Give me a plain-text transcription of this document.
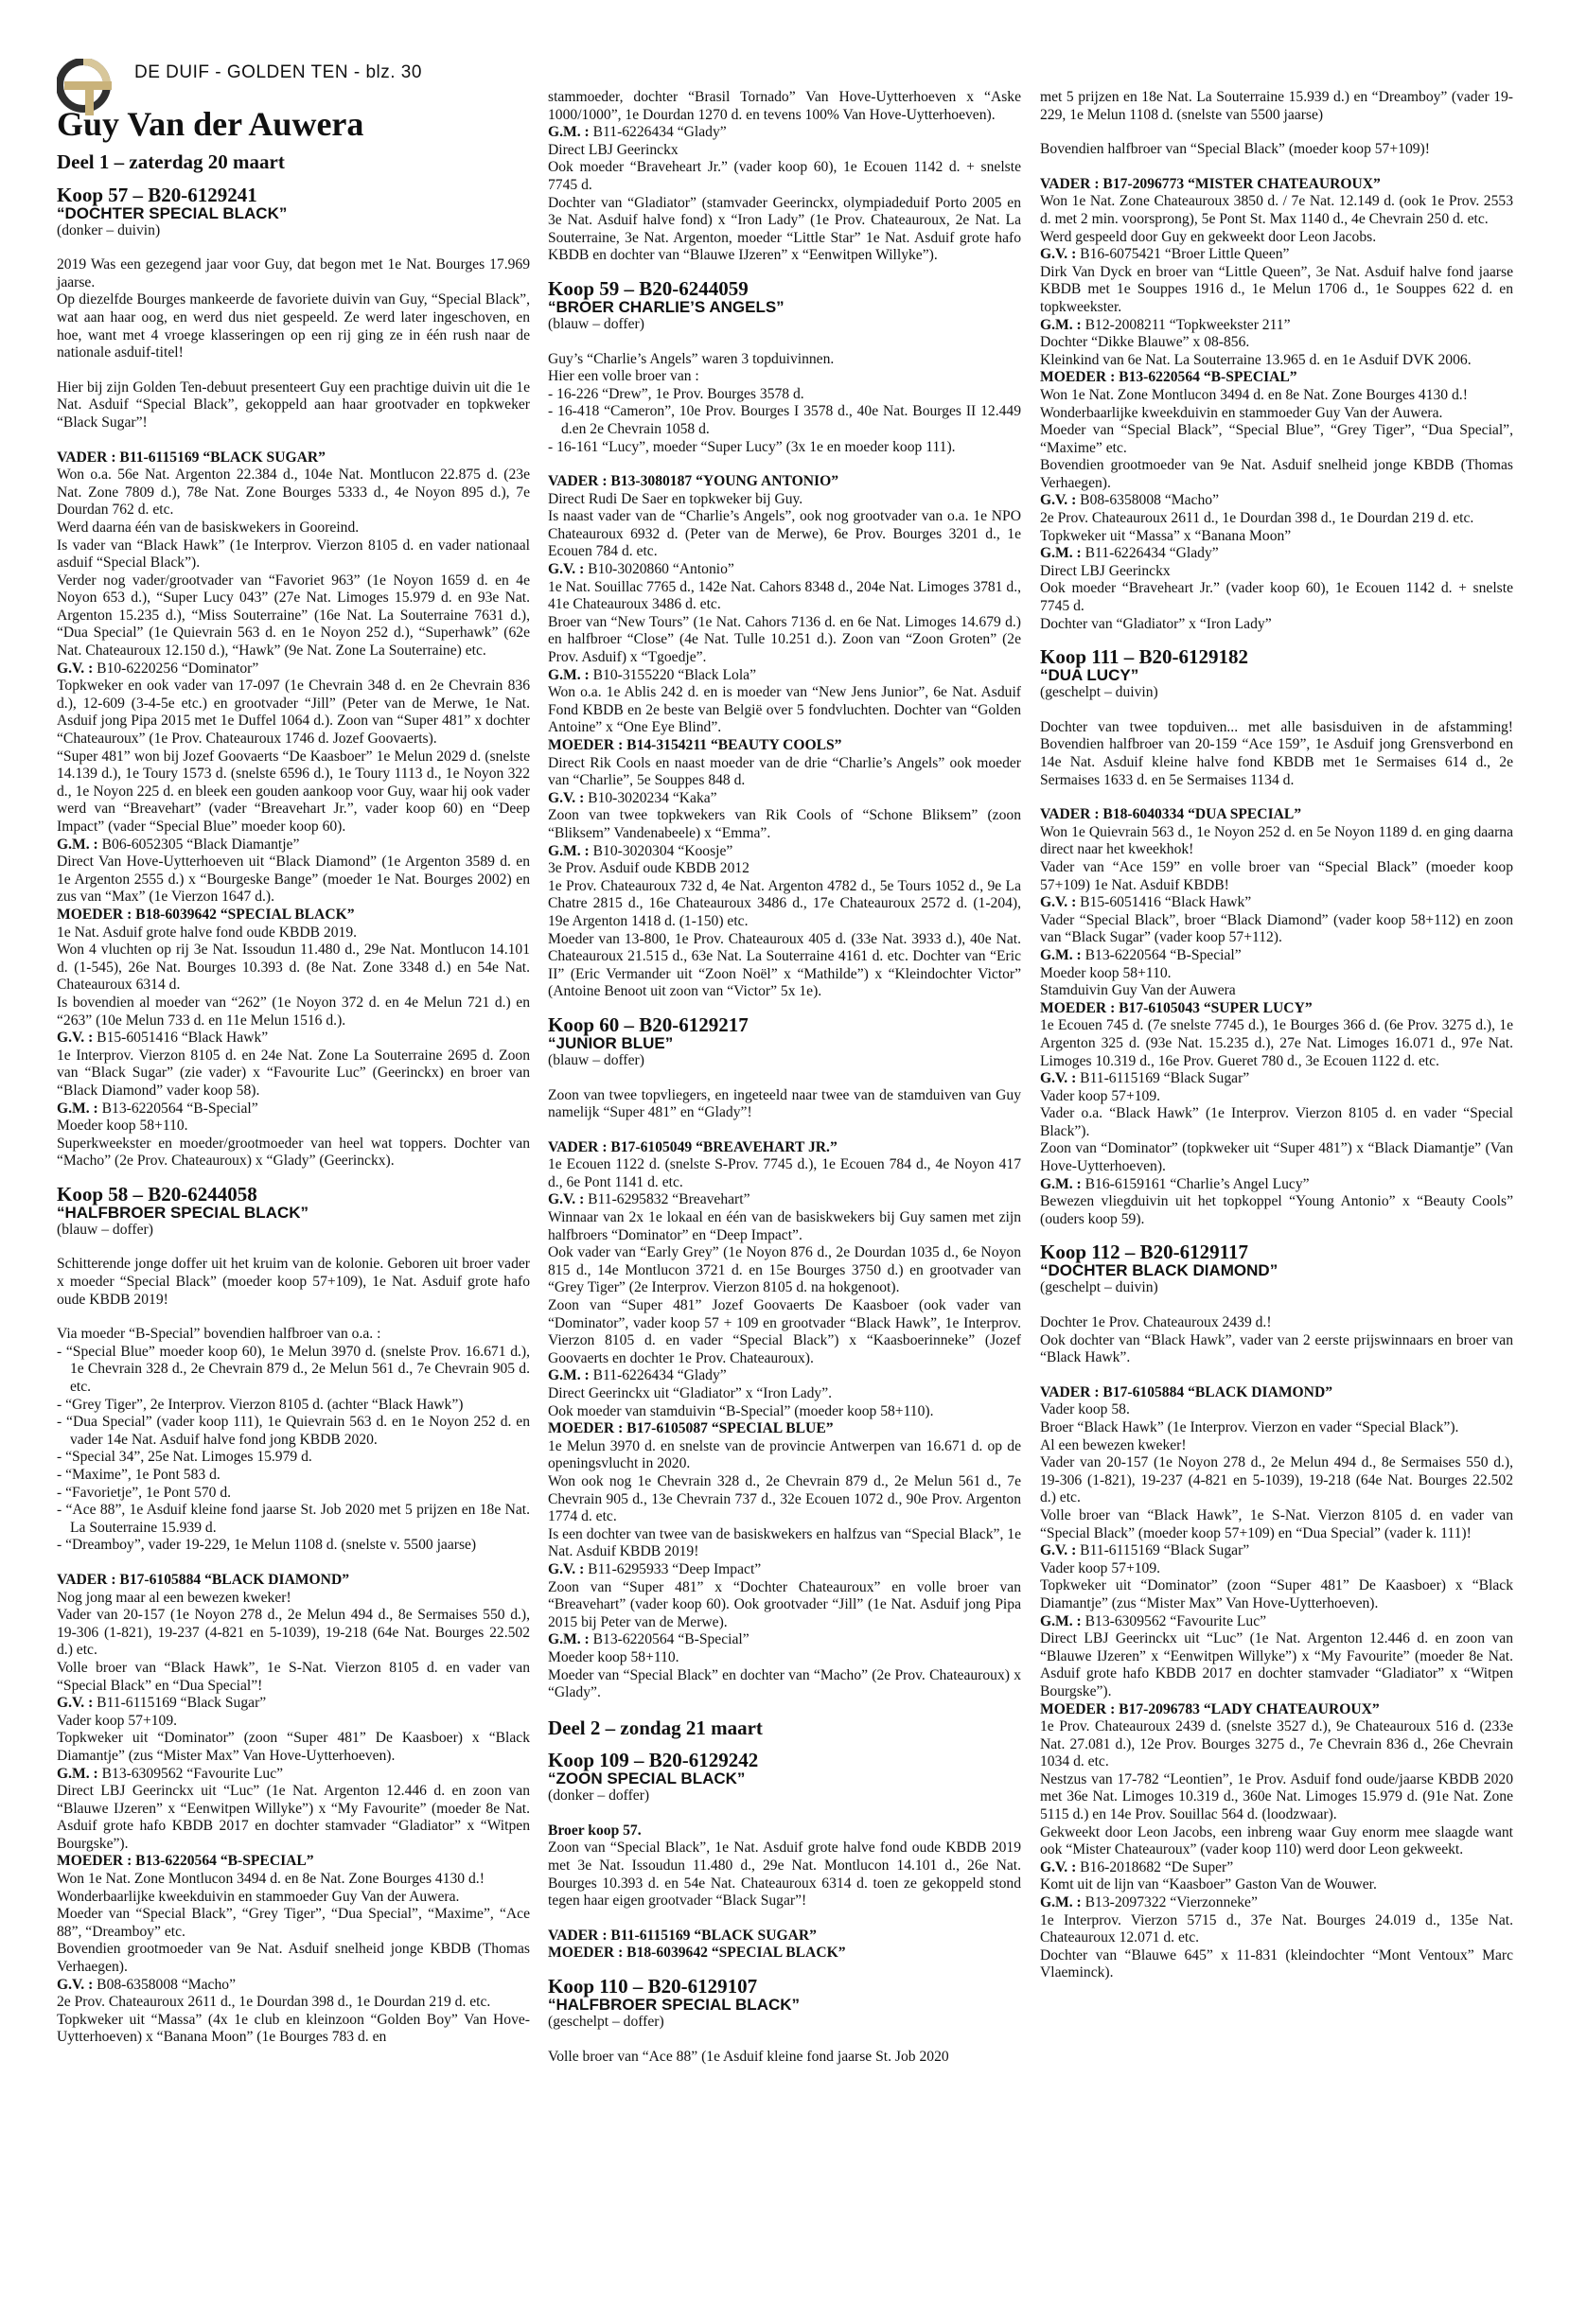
DE DUIF - GOLDEN TEN - blz. 30
Guy Van der Auwera

Deel 1 – zaterdag 20 maart

Koop 57 – B20-6129241

“DOCHTER SPECIAL BLACK”

(donker – duivin)

2019 Was een gezegend jaar voor Guy, dat begon met 1e Nat. Bourges 17.969 jaarse.

Op diezelfde Bourges mankeerde de favoriete duivin van Guy, “Special Black”, wat aan haar oog, en werd dus niet gespeeld. Ze werd later ingeschoven, en hoe, want met 4 vroege klasseringen op een rij ging ze in één rush naar de nationale asduif-titel!

Hier bij zijn Golden Ten-debuut presenteert Guy een prachtige duivin uit die 1e Nat. Asduif “Special Black”, gekoppeld aan haar grootvader en topkweker “Black Sugar”!

VADER : B11-6115169 “BLACK SUGAR”

Won o.a. 56e Nat. Argenton 22.384 d., 104e Nat. Montlucon 22.875 d. (23e Nat. Zone 7809 d.), 78e Nat. Zone Bourges 5333 d., 4e Noyon 895 d.), 7e Dourdan 762 d. etc.

Werd daarna één van de basiskwekers in Gooreind.

Is vader van “Black Hawk” (1e Interprov. Vierzon 8105 d. en vader nationaal asduif “Special Black”).

Verder nog vader/grootvader van “Favoriet 963” (1e Noyon 1659 d. en 4e Noyon 653 d.), “Super Lucy 043” (27e Nat. Limoges 15.979 d. en 93e Nat. Argenton 15.235 d.), “Miss Souterraine” (16e Nat. La Souterraine 7631 d.), “Dua Special” (1e Quievrain 563 d. en 1e Noyon 252 d.), “Superhawk” (62e Nat. Chateauroux 12.150 d.), “Hawk” (9e Nat. Zone La Souterraine) etc.

G.V. : B10-6220256 “Dominator”

Topkweker en ook vader van 17-097 (1e Chevrain 348 d. en 2e Chevrain 836 d.), 12-609 (3-4-5e etc.) en grootvader “Jill” (Peter van de Merwe, 1e Nat. Asduif jong Pipa 2015 met 1e Duffel 1064 d.). Zoon van “Super 481” x dochter “Chateauroux” (1e Prov. Chateauroux 1746 d. Jozef Goovaerts).

“Super 481” won bij Jozef Goovaerts “De Kaasboer” 1e Melun 2029 d. (snelste 14.139 d.), 1e Toury 1573 d. (snelste 6596 d.), 1e Toury 1113 d., 1e Noyon 322 d., 1e Noyon 225 d. en bleek een gouden aankoop voor Guy, waar hij ook vader werd van “Breavehart” (vader “Breavehart Jr.”, vader koop 60) en “Deep Impact” (vader “Special Blue” moeder koop 60).

G.M. : B06-6052305 “Black Diamantje”

Direct Van Hove-Uytterhoeven uit “Black Diamond” (1e Argenton 3589 d. en 1e Argenton 2555 d.) x “Bourgeske Bange” (moeder 1e Nat. Bourges 2002) en zus van “Max” (1e Vierzon 1647 d.).

MOEDER : B18-6039642 “SPECIAL BLACK”

1e Nat. Asduif grote halve fond oude KBDB 2019.

Won 4 vluchten op rij 3e Nat. Issoudun 11.480 d., 29e Nat. Montlucon 14.101 d. (1-545), 26e Nat. Bourges 10.393 d. (8e Nat. Zone 3348 d.) en 54e Nat. Chateauroux 6314 d.

Is bovendien al moeder van “262” (1e Noyon 372 d. en 4e Melun 721 d.) en “263” (10e Melun 733 d. en 11e Melun 1516 d.).

G.V. : B15-6051416 “Black Hawk”

1e Interprov. Vierzon 8105 d. en 24e Nat. Zone La Souterraine 2695 d. Zoon van “Black Sugar” (zie vader) x “Favourite Luc” (Geerinckx) en broer van “Black Diamond” vader koop 58).

G.M. : B13-6220564 “B-Special”

Moeder koop 58+110.

Superkweekster en moeder/grootmoeder van heel wat toppers. Dochter van “Macho” (2e Prov. Chateauroux) x “Glady” (Geerinckx).

Koop 58 – B20-6244058

“HALFBROER SPECIAL BLACK”

(blauw – doffer)

Schitterende jonge doffer uit het kruim van de kolonie. Geboren uit broer vader x moeder “Special Black” (moeder koop 57+109), 1e Nat. Asduif grote hafo oude KBDB 2019!

Via moeder “B-Special” bovendien halfbroer van o.a. :

- “Special Blue” moeder koop 60), 1e Melun 3970 d. (snelste Prov. 16.671 d.), 1e Chevrain 328 d., 2e Chevrain 879 d., 2e Melun 561 d., 7e Chevrain 905 d. etc.

- “Grey Tiger”, 2e Interprov. Vierzon 8105 d. (achter “Black Hawk”)

- “Dua Special” (vader koop 111), 1e Quievrain 563 d. en 1e Noyon 252 d. en vader 14e Nat. Asduif halve fond jong KBDB 2020.

- “Special 34”, 25e Nat. Limoges 15.979 d.

- “Maxime”, 1e Pont 583 d.

- “Favorietje”, 1e Pont 570 d.

- “Ace 88”, 1e Asduif kleine fond jaarse St. Job 2020 met 5 prijzen en 18e Nat. La Souterraine 15.939 d.

- “Dreamboy”, vader 19-229, 1e Melun 1108 d. (snelste v. 5500 jaarse)

VADER : B17-6105884 “BLACK DIAMOND”

Nog jong maar al een bewezen kweker!

Vader van 20-157 (1e Noyon 278 d., 2e Melun 494 d., 8e Sermaises 550 d.), 19-306 (1-821), 19-237 (4-821 en 5-1039), 19-218 (64e Nat. Bourges 22.502 d.) etc.

Volle broer van “Black Hawk”, 1e S-Nat. Vierzon 8105 d. en vader van “Special Black” en “Dua Special”!

G.V. : B11-6115169 “Black Sugar”

Vader koop 57+109.

Topkweker uit “Dominator” (zoon “Super 481” De Kaasboer) x “Black Diamantje” (zus “Mister Max” Van Hove-Uytterhoeven).

G.M. : B13-6309562 “Favourite Luc”

Direct LBJ Geerinckx uit “Luc” (1e Nat. Argenton 12.446 d. en zoon van “Blauwe IJzeren” x “Eenwitpen Willyke”) x “My Favourite” (moeder 8e Nat. Asduif grote hafo KBDB 2017 en dochter stamvader “Gladiator” x “Witpen Bourgske”).

MOEDER : B13-6220564 “B-SPECIAL”

Won 1e Nat. Zone Montlucon 3494 d. en 8e Nat. Zone Bourges 4130 d.!

Wonderbaarlijke kweekduivin en stammoeder Guy Van der Auwera.

Moeder van “Special Black”, “Grey Tiger”, “Dua Special”, “Maxime”, “Ace 88”, “Dreamboy” etc.

Bovendien grootmoeder van 9e Nat. Asduif snelheid jonge KBDB (Thomas Verhaegen).

G.V. : B08-6358008 “Macho”

2e Prov. Chateauroux 2611 d., 1e Dourdan 398 d., 1e Dourdan 219 d. etc.

Topkweker uit “Massa” (4x 1e club en kleinzoon “Golden Boy” Van Hove-Uytterhoeven) x “Banana Moon” (1e Bourges 783 d. en

stammoeder, dochter “Brasil Tornado” Van Hove-Uytterhoeven x “Aske 1000/1000”, 1e Dourdan 1270 d. en tevens 100% Van Hove-Uytterhoeven).

G.M. : B11-6226434 “Glady”

Direct LBJ Geerinckx

Ook moeder “Braveheart Jr.” (vader koop 60), 1e Ecouen 1142 d. + snelste 7745 d.

Dochter van “Gladiator” (stamvader Geerinckx, olympiadeduif Porto 2005 en 3e Nat. Asduif halve fond) x “Iron Lady” (1e Prov. Chateauroux, 2e Nat. La Souterraine, 3e Nat. Argenton, moeder “Little Star” 1e Nat. Asduif grote hafo KBDB en dochter van “Blauwe IJzeren” x “Eenwitpen Willyke”).

Koop 59 – B20-6244059

“BROER CHARLIE’S ANGELS”

(blauw – doffer)

Guy’s “Charlie’s Angels” waren 3 topduivinnen.

Hier een volle broer van :

- 16-226 “Drew”, 1e Prov. Bourges 3578 d.

- 16-418 “Cameron”, 10e Prov. Bourges I 3578 d., 40e Nat. Bourges II 12.449 d.en 2e Chevrain 1058 d.

- 16-161 “Lucy”, moeder “Super Lucy” (3x 1e en moeder koop 111).

VADER : B13-3080187 “YOUNG ANTONIO”

Direct Rudi De Saer en topkweker bij Guy.

Is naast vader van de “Charlie’s Angels”, ook nog grootvader van o.a. 1e NPO Chateauroux 6932 d. (Peter van de Merwe), 6e Prov. Bourges 3201 d., 1e Ecouen 784 d. etc.

G.V. : B10-3020860 “Antonio”

1e Nat. Souillac 7765 d., 142e Nat. Cahors 8348 d., 204e Nat. Limoges 3781 d., 41e Chateauroux 3486 d. etc.

Broer van “New Tours” (1e Nat. Cahors 7136 d. en 6e Nat. Limoges 14.679 d.) en halfbroer “Close” (4e Nat. Tulle 10.251 d.). Zoon van “Zoon Groten” (2e Prov. Asduif) x “Tgoedje”.

G.M. : B10-3155220 “Black Lola”

Won o.a. 1e Ablis 242 d. en is moeder van “New Jens Junior”, 6e Nat. Asduif Fond KBDB en 2e beste van België over 5 fondvluchten. Dochter van “Golden Antoine” x “One Eye Blind”.

MOEDER : B14-3154211 “BEAUTY COOLS”

Direct Rik Cools en naast moeder van de drie “Charlie’s Angels” ook moeder van “Charlie”, 5e Souppes 848 d.

G.V. : B10-3020234 “Kaka”

Zoon van twee topkwekers van Rik Cools of “Schone Bliksem” (zoon “Bliksem” Vandenabeele) x “Emma”.

G.M. : B10-3020304 “Koosje”

3e Prov. Asduif oude KBDB 2012

1e Prov. Chateauroux 732 d, 4e Nat. Argenton 4782 d., 5e Tours 1052 d., 9e La Chatre 2815 d., 16e Chateauroux 3486 d., 17e Chateauroux 2572 d. (1-204), 19e Argenton 1418 d. (1-150) etc.

Moeder van 13-800, 1e Prov. Chateauroux 405 d. (33e Nat. 3933 d.), 40e Nat. Chateauroux 21.515 d., 63e Nat. La Souterraine 4161 d. etc. Dochter van “Eric II” (Eric Vermander uit “Zoon Noël” x “Mathilde”) x “Kleindochter Victor” (Antoine Benoot uit zoon van “Victor” 5x 1e).

Koop 60 – B20-6129217

“JUNIOR BLUE”

(blauw – doffer)

Zoon van twee topvliegers, en ingeteeld naar twee van de stamduiven van Guy namelijk “Super 481” en “Glady”!

VADER : B17-6105049 “BREAVEHART JR.”

1e Ecouen 1122 d. (snelste S-Prov. 7745 d.), 1e Ecouen 784 d., 4e Noyon 417 d., 6e Pont 1141 d. etc.

G.V. : B11-6295832 “Breavehart”

Winnaar van 2x 1e lokaal en één van de basiskwekers bij Guy samen met zijn halfbroers “Dominator” en “Deep Impact”.

Ook vader van “Early Grey” (1e Noyon 876 d., 2e Dourdan 1035 d., 6e Noyon 815 d., 14e Montlucon 3721 d. en 15e Bourges 3750 d.) en grootvader van “Grey Tiger” (2e Interprov. Vierzon 8105 d. na hokgenoot).

Zoon van “Super 481” Jozef Goovaerts De Kaasboer (ook vader van “Dominator”, vader koop 57 + 109 en grootvader “Black Hawk”, 1e Interprov. Vierzon 8105 d. en vader “Special Black”) x “Kaasboerinneke” (Jozef Goovaerts en dochter 1e Prov. Chateauroux).

G.M. : B11-6226434 “Glady”

Direct Geerinckx uit “Gladiator” x “Iron Lady”.

Ook moeder van stamduivin “B-Special” (moeder koop 58+110).

MOEDER : B17-6105087 “SPECIAL BLUE”

1e Melun 3970 d. en snelste van de provincie Antwerpen van 16.671 d. op de openingsvlucht in 2020.

Won ook nog 1e Chevrain 328 d., 2e Chevrain 879 d., 2e Melun 561 d., 7e Chevrain 905 d., 13e Chevrain 737 d., 32e Ecouen 1072 d., 90e Prov. Argenton 1774 d. etc.

Is een dochter van twee van de basiskwekers en halfzus van “Special Black”, 1e Nat. Asduif KBDB 2019!

G.V. : B11-6295933 “Deep Impact”

Zoon van “Super 481” x “Dochter Chateauroux” en volle broer van “Breavehart” (vader koop 60). Ook grootvader “Jill” (1e Nat. Asduif jong Pipa 2015 bij Peter van de Merwe).

G.M. : B13-6220564 “B-Special”

Moeder koop 58+110.

Moeder van “Special Black” en dochter van “Macho” (2e Prov. Chateauroux) x “Glady”.

Deel 2 – zondag 21 maart

Koop 109 – B20-6129242

“ZOON SPECIAL BLACK”

(donker – doffer)

Broer koop 57.

Zoon van “Special Black”, 1e Nat. Asduif grote halve fond oude KBDB 2019 met 3e Nat. Issoudun 11.480 d., 29e Nat. Montlucon 14.101 d., 26e Nat. Bourges 10.393 d. en 54e Nat. Chateauroux 6314 d. toen ze gekoppeld stond tegen haar eigen grootvader “Black Sugar”!

VADER : B11-6115169 “BLACK SUGAR”

MOEDER : B18-6039642 “SPECIAL BLACK”

Koop 110 – B20-6129107

“HALFBROER SPECIAL BLACK”

(geschelpt – doffer)

Volle broer van “Ace 88” (1e Asduif kleine fond jaarse St. Job 2020

met 5 prijzen en 18e Nat. La Souterraine 15.939 d.) en “Dreamboy” (vader 19-229, 1e Melun 1108 d. (snelste van 5500 jaarse)

Bovendien halfbroer van “Special Black” (moeder koop 57+109)!

VADER : B17-2096773 “MISTER CHATEAUROUX”

Won 1e Nat. Zone Chateauroux 3850 d. / 7e Nat. 12.149 d. (ook 1e Prov. 2553 d. met 2 min. voorsprong), 5e Pont St. Max 1140 d., 4e Chevrain 250 d. etc.

Werd gespeeld door Guy en gekweekt door Leon Jacobs.

G.V. : B16-6075421 “Broer Little Queen”

Dirk Van Dyck en broer van “Little Queen”, 3e Nat. Asduif halve fond jaarse KBDB met 1e Souppes 1916 d., 1e Melun 1706 d., 1e Souppes 622 d. en topkweekster.

G.M. : B12-2008211 “Topkweekster 211”

Dochter “Dikke Blauwe” x 08-856.

Kleinkind van 6e Nat. La Souterraine 13.965 d. en 1e Asduif DVK 2006.

MOEDER : B13-6220564 “B-SPECIAL”

Won 1e Nat. Zone Montlucon 3494 d. en 8e Nat. Zone Bourges 4130 d.!

Wonderbaarlijke kweekduivin en stammoeder Guy Van der Auwera.

Moeder van “Special Black”, “Special Blue”, “Grey Tiger”, “Dua Special”, “Maxime” etc.

Bovendien grootmoeder van 9e Nat. Asduif snelheid jonge KBDB (Thomas Verhaegen).

G.V. : B08-6358008 “Macho”

2e Prov. Chateauroux 2611 d., 1e Dourdan 398 d., 1e Dourdan 219 d. etc.

Topkweker uit “Massa” x “Banana Moon”

G.M. : B11-6226434 “Glady”

Direct LBJ Geerinckx

Ook moeder “Braveheart Jr.” (vader koop 60), 1e Ecouen 1142 d. + snelste 7745 d.

Dochter van “Gladiator” x “Iron Lady”

Koop 111 – B20-6129182

“DUA LUCY”

(geschelpt – duivin)

Dochter van twee topduiven... met alle basisduiven in de afstamming! Bovendien halfbroer van 20-159 “Ace 159”, 1e Asduif jong Grensverbond en 14e Nat. Asduif kleine halve fond KBDB met 1e Sermaises 614 d., 2e Sermaises 1633 d. en 5e Sermaises 1134 d.

VADER : B18-6040334 “DUA SPECIAL”

Won 1e Quievrain 563 d., 1e Noyon 252 d. en 5e Noyon 1189 d. en ging daarna direct naar het kweekhok!

Vader van “Ace 159” en volle broer van “Special Black” (moeder koop 57+109) 1e Nat. Asduif KBDB!

G.V. : B15-6051416 “Black Hawk”

Vader “Special Black”, broer “Black Diamond” (vader koop 58+112) en zoon van “Black Sugar” (vader koop 57+112).

G.M. : B13-6220564 “B-Special”

Moeder koop 58+110.

Stamduivin Guy Van der Auwera

MOEDER : B17-6105043 “SUPER LUCY”

1e Ecouen 745 d. (7e snelste 7745 d.), 1e Bourges 366 d. (6e Prov. 3275 d.), 1e Argenton 325 d. (93e Nat. 15.235 d.), 27e Nat. Limoges 16.071 d., 97e Nat. Limoges 10.319 d., 16e Prov. Gueret 780 d., 3e Ecouen 1122 d. etc.

G.V. : B11-6115169 “Black Sugar”

Vader koop 57+109.

Vader o.a. “Black Hawk” (1e Interprov. Vierzon 8105 d. en vader “Special Black”).

Zoon van “Dominator” (topkweker uit “Super 481”) x “Black Diamantje” (Van Hove-Uytterhoeven).

G.M. : B16-6159161 “Charlie’s Angel Lucy”

Bewezen vliegduivin uit het topkoppel “Young Antonio” x “Beauty Cools” (ouders koop 59).

Koop 112 – B20-6129117

“DOCHTER BLACK DIAMOND”

(geschelpt – duivin)

Dochter 1e Prov. Chateauroux 2439 d.!

Ook dochter van “Black Hawk”, vader van 2 eerste prijswinnaars en broer van “Black Hawk”.

VADER : B17-6105884 “BLACK DIAMOND”

Vader koop 58.

Broer “Black Hawk” (1e Interprov. Vierzon en vader “Special Black”).

Al een bewezen kweker!

Vader van 20-157 (1e Noyon 278 d., 2e Melun 494 d., 8e Sermaises 550 d.), 19-306 (1-821), 19-237 (4-821 en 5-1039), 19-218 (64e Nat. Bourges 22.502 d.) etc.

Volle broer van “Black Hawk”, 1e S-Nat. Vierzon 8105 d. en vader van “Special Black” (moeder koop 57+109) en “Dua Special” (vader k. 111)!

G.V. : B11-6115169 “Black Sugar”

Vader koop 57+109.

Topkweker uit “Dominator” (zoon “Super 481” De Kaasboer) x “Black Diamantje” (zus “Mister Max” Van Hove-Uytterhoeven).

G.M. : B13-6309562 “Favourite Luc”

Direct LBJ Geerinckx uit “Luc” (1e Nat. Argenton 12.446 d. en zoon van “Blauwe IJzeren” x “Eenwitpen Willyke”) x “My Favourite” (moeder 8e Nat. Asduif grote hafo KBDB 2017 en dochter stamvader “Gladiator” x “Witpen Bourgske”).

MOEDER : B17-2096783 “LADY CHATEAUROUX”

1e Prov. Chateauroux 2439 d. (snelste 3527 d.), 9e Chateauroux 516 d. (233e Nat. 27.081 d.), 12e Prov. Bourges 3275 d., 7e Chevrain 836 d., 26e Chevrain 1034 d. etc.

Nestzus van 17-782 “Leontien”, 1e Prov. Asduif fond oude/jaarse KBDB 2020 met 36e Nat. Limoges 10.319 d., 360e Nat. Limoges 15.979 d. (91e Nat. Zone 5115 d.) en 14e Prov. Souillac 564 d. (loodzwaar).

Gekweekt door Leon Jacobs, een inbreng waar Guy enorm mee slaagde want ook “Mister Chateauroux” (vader koop 110) werd door Leon gekweekt.

G.V. : B16-2018682 “De Super”

Komt uit de lijn van “Kaasboer” Gaston Van de Wouwer.

G.M. : B13-2097322 “Vierzonneke”

1e Interprov. Vierzon 5715 d., 37e Nat. Bourges 24.019 d., 135e Nat. Chateauroux 12.071 d. etc.

Dochter van “Blauwe 645” x 11-831 (kleindochter “Mont Ventoux” Marc Vlaeminck).
